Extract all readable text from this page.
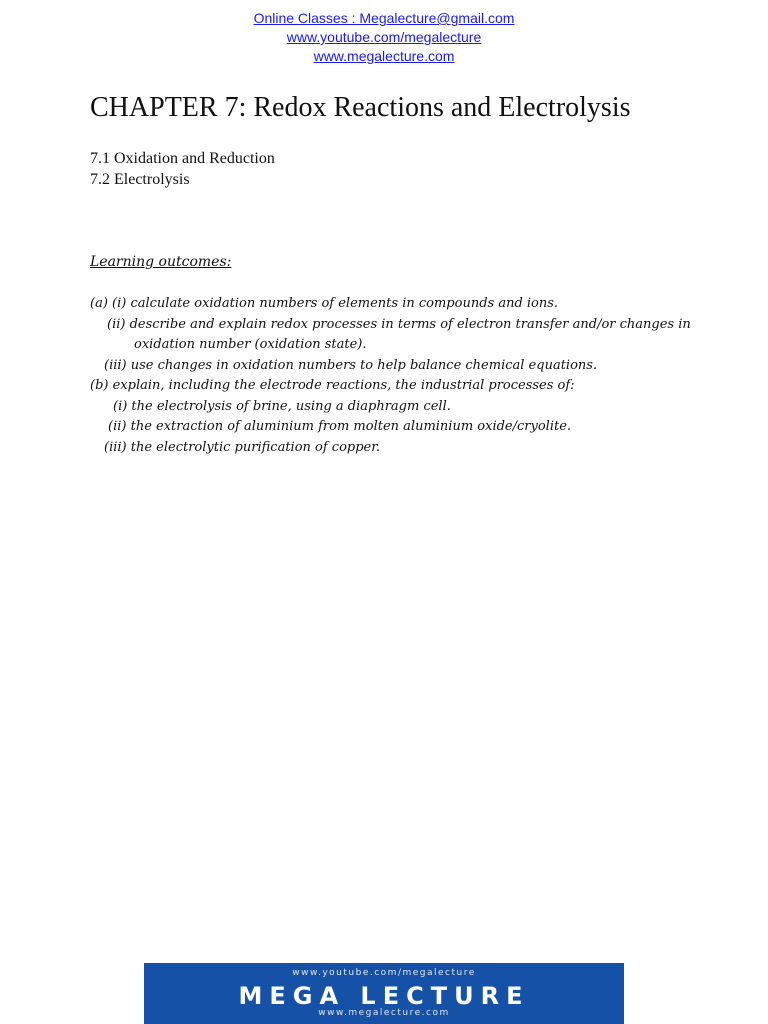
Online Classes : Megalecture@gmail.com
www.youtube.com/megalecture
www.megalecture.com
CHAPTER 7: Redox Reactions and Electrolysis
7.1 Oxidation and Reduction
7.2 Electrolysis
Learning outcomes:
(a) (i) calculate oxidation numbers of elements in compounds and ions.
(ii) describe and explain redox processes in terms of electron transfer and/or changes in
oxidation number (oxidation state).
(iii) use changes in oxidation numbers to help balance chemical equations.
(b) explain, including the electrode reactions, the industrial processes of:
(i) the electrolysis of brine, using a diaphragm cell.
(ii) the extraction of aluminium from molten aluminium oxide/cryolite.
(iii) the electrolytic purification of copper.
www.youtube.com/megalecture
MEGA LECTURE
www.megalecture.com
